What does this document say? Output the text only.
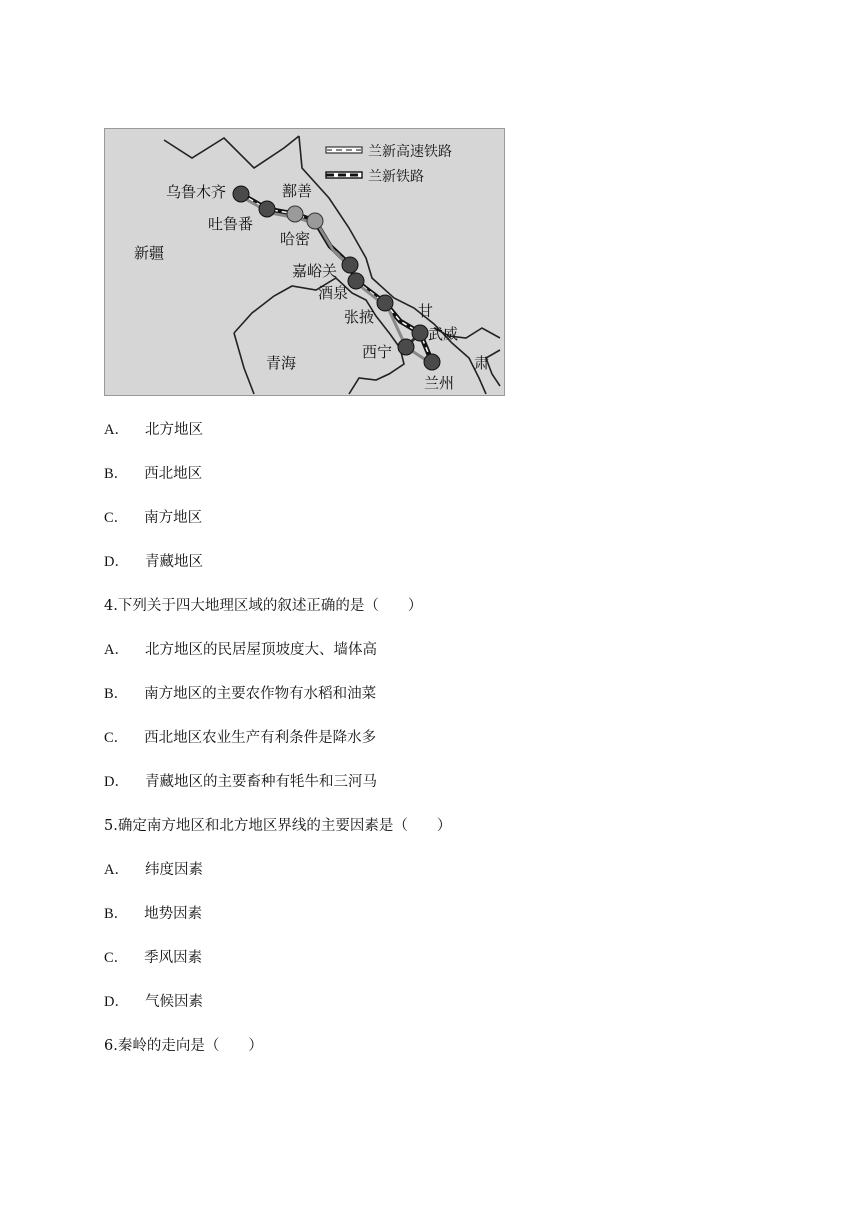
兰新高速铁路
兰新铁路
新疆
青海
甘
肃
乌鲁木齐
吐鲁番
鄯善
哈密
嘉峪关
酒泉
张掖
武威
西宁
兰州
A． 北方地区
B． 西北地区
C． 南方地区
D． 青藏地区
4.下列关于四大地理区域的叙述正确的是（　　）
A． 北方地区的民居屋顶坡度大、墙体高
B． 南方地区的主要农作物有水稻和油菜
C． 西北地区农业生产有利条件是降水多
D． 青藏地区的主要畜种有牦牛和三河马
5.确定南方地区和北方地区界线的主要因素是（　　）
A． 纬度因素
B． 地势因素
C． 季风因素
D． 气候因素
6.秦岭的走向是（　　）
